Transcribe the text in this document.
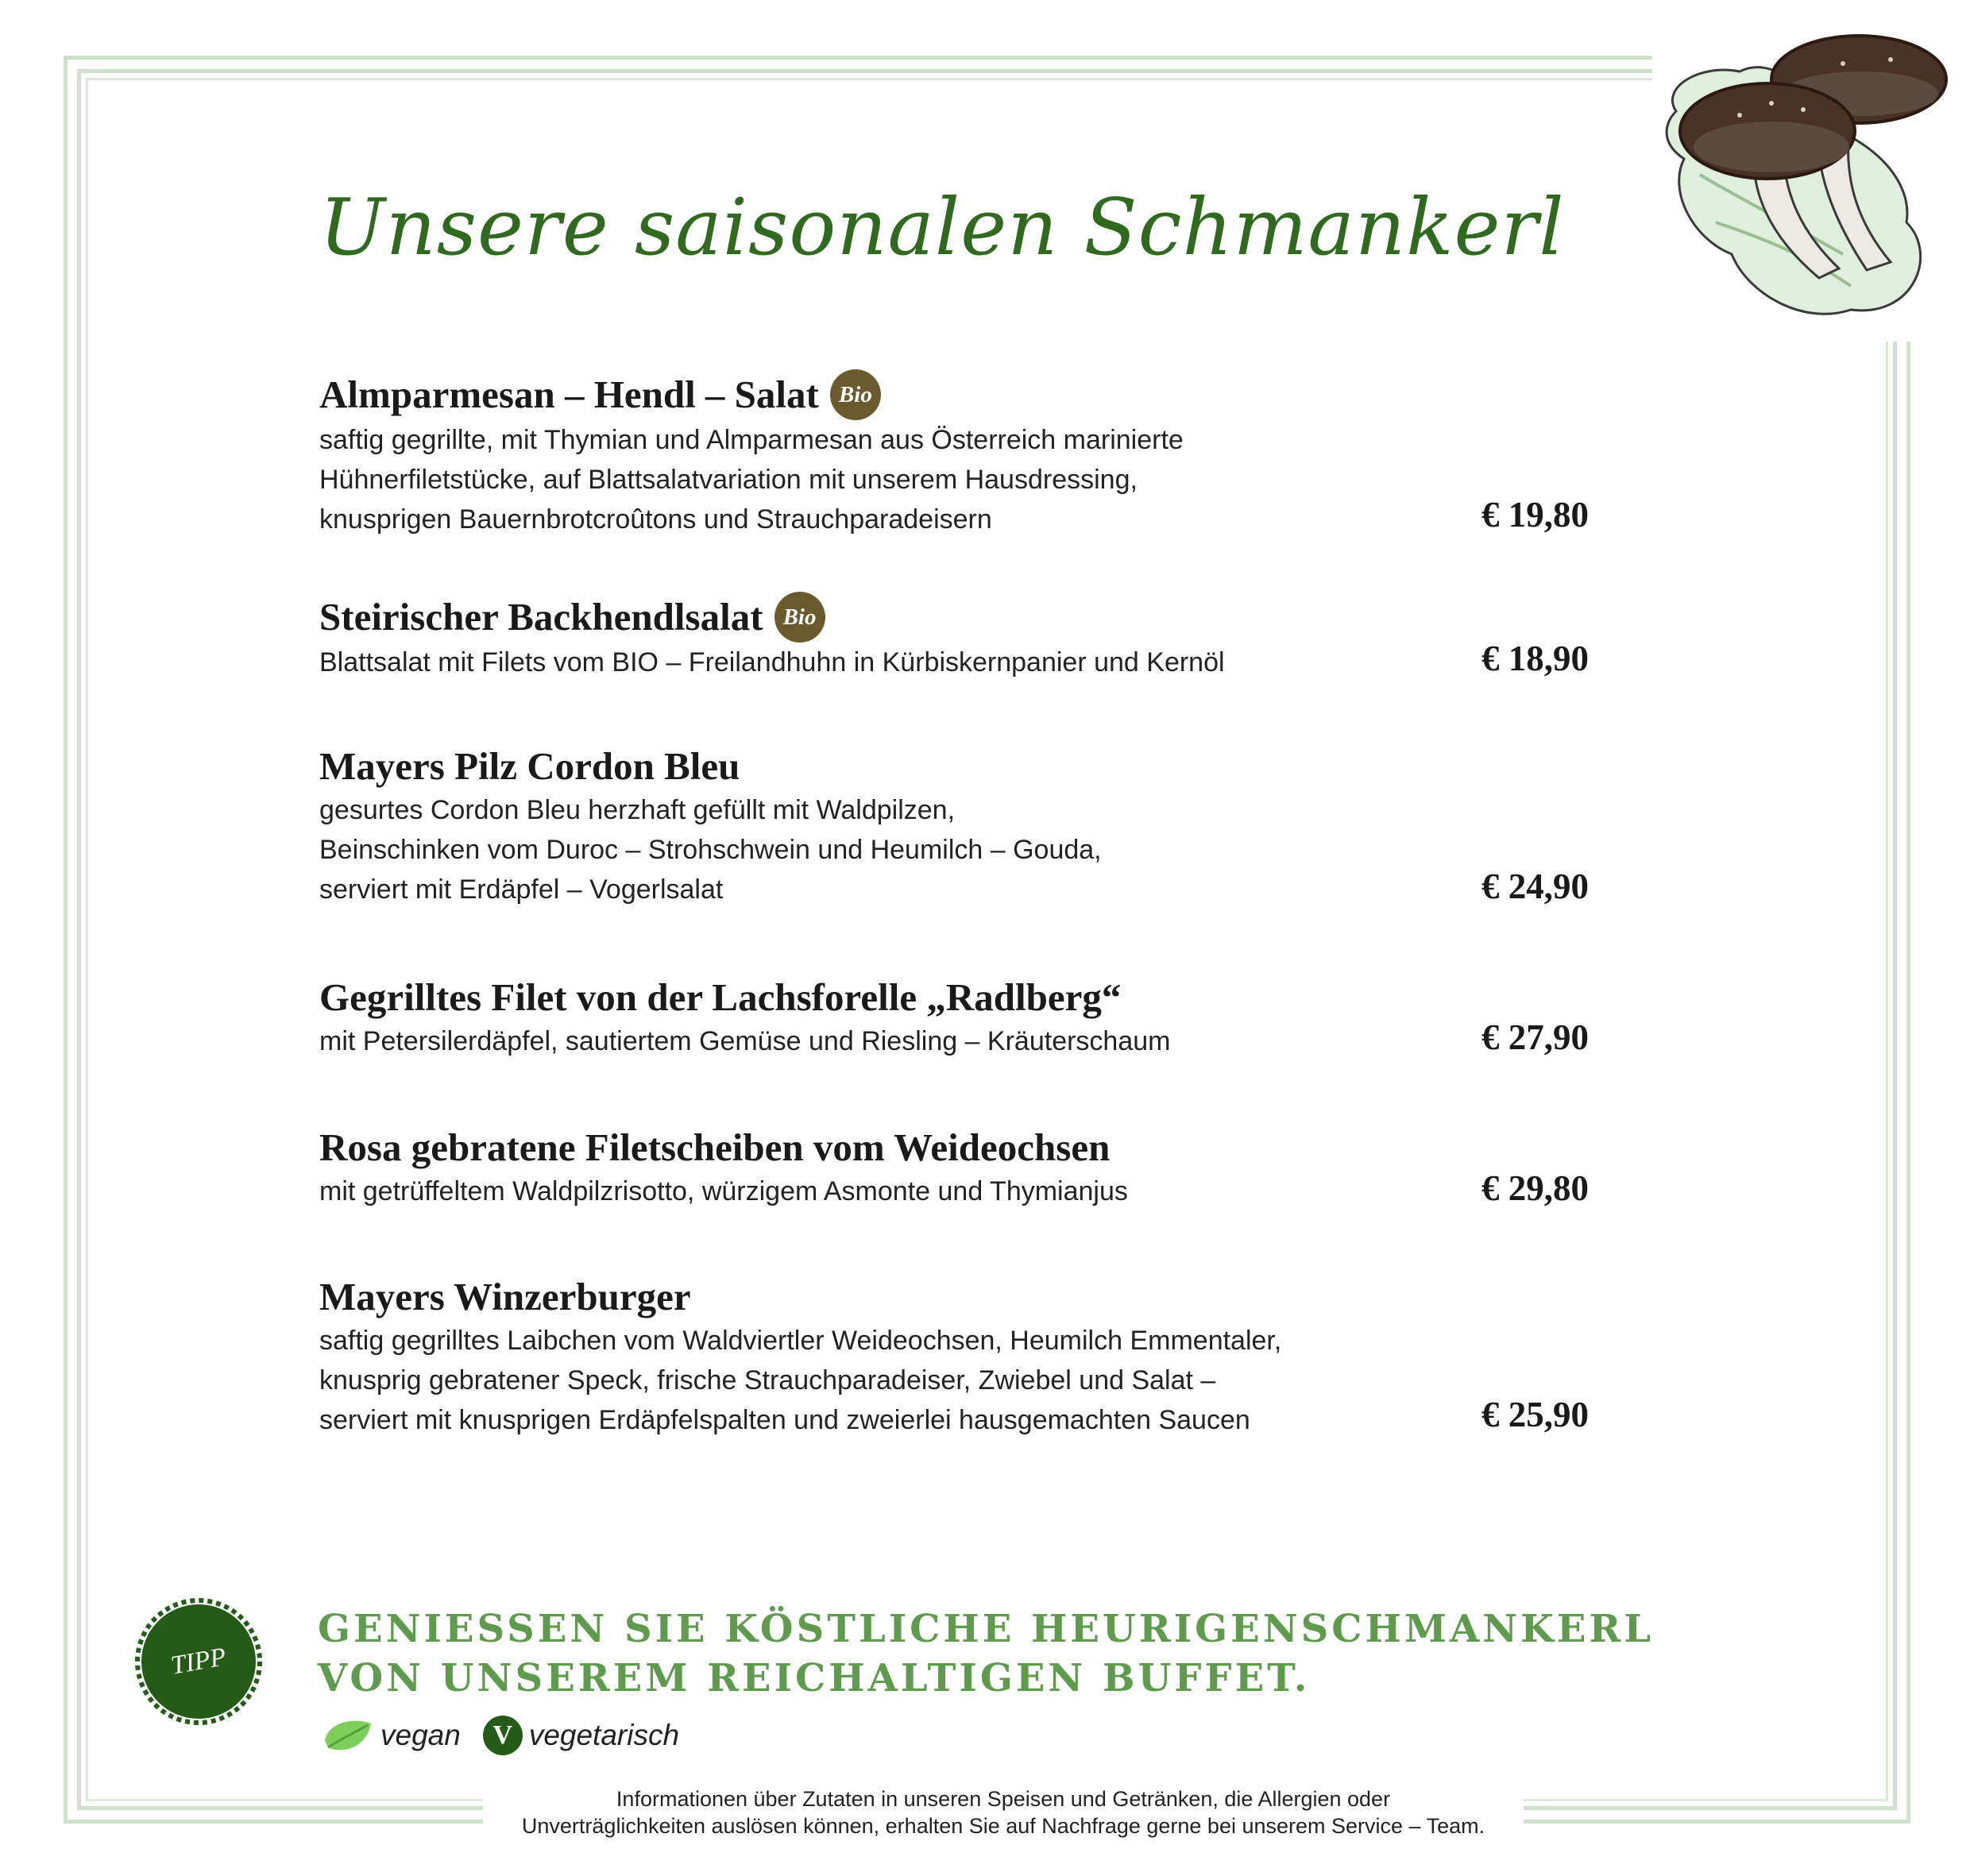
Unsere saisonalen Schmankerl
Almparmesan – Hendl – Salat Bio
saftig gegrillte, mit Thymian und Almparmesan aus Österreich marinierte
Hühnerfiletstücke, auf Blattsalatvariation mit unserem Hausdressing,
knusprigen Bauernbrotcroûtons und Strauchparadeisern	€ 19,80
Steirischer Backhendlsalat Bio
Blattsalat mit Filets vom BIO – Freilandhuhn in Kürbiskernpanier und Kernöl	€ 18,90
Mayers Pilz Cordon Bleu
gesurtes Cordon Bleu herzhaft gefüllt mit Waldpilzen,
Beinschinken vom Duroc – Strohschwein und Heumilch – Gouda,
serviert mit Erdäpfel – Vogerlsalat	€ 24,90
Gegrilltes Filet von der Lachsforelle „Radlberg“
mit Petersilerdäpfel, sautiertem Gemüse und Riesling – Kräuterschaum	€ 27,90
Rosa gebratene Filetscheiben vom Weideochsen
mit getrüffeltem Waldpilzrisotto, würzigem Asmonte und Thymianjus	€ 29,80
Mayers Winzerburger
saftig gegrilltes Laibchen vom Waldviertler Weideochsen, Heumilch Emmentaler,
knusprig gebratener Speck, frische Strauchparadeiser, Zwiebel und Salat –
serviert mit knusprigen Erdäpfelspalten und zweierlei hausgemachten Saucen	€ 25,90
TIPP
GENIESSEN SIE KÖSTLICHE HEURIGENSCHMANKERL
VON UNSEREM REICHALTIGEN BUFFET.
vegan	V vegetarisch
Informationen über Zutaten in unseren Speisen und Getränken, die Allergien oder
Unverträglichkeiten auslösen können, erhalten Sie auf Nachfrage gerne bei unserem Service – Team.
